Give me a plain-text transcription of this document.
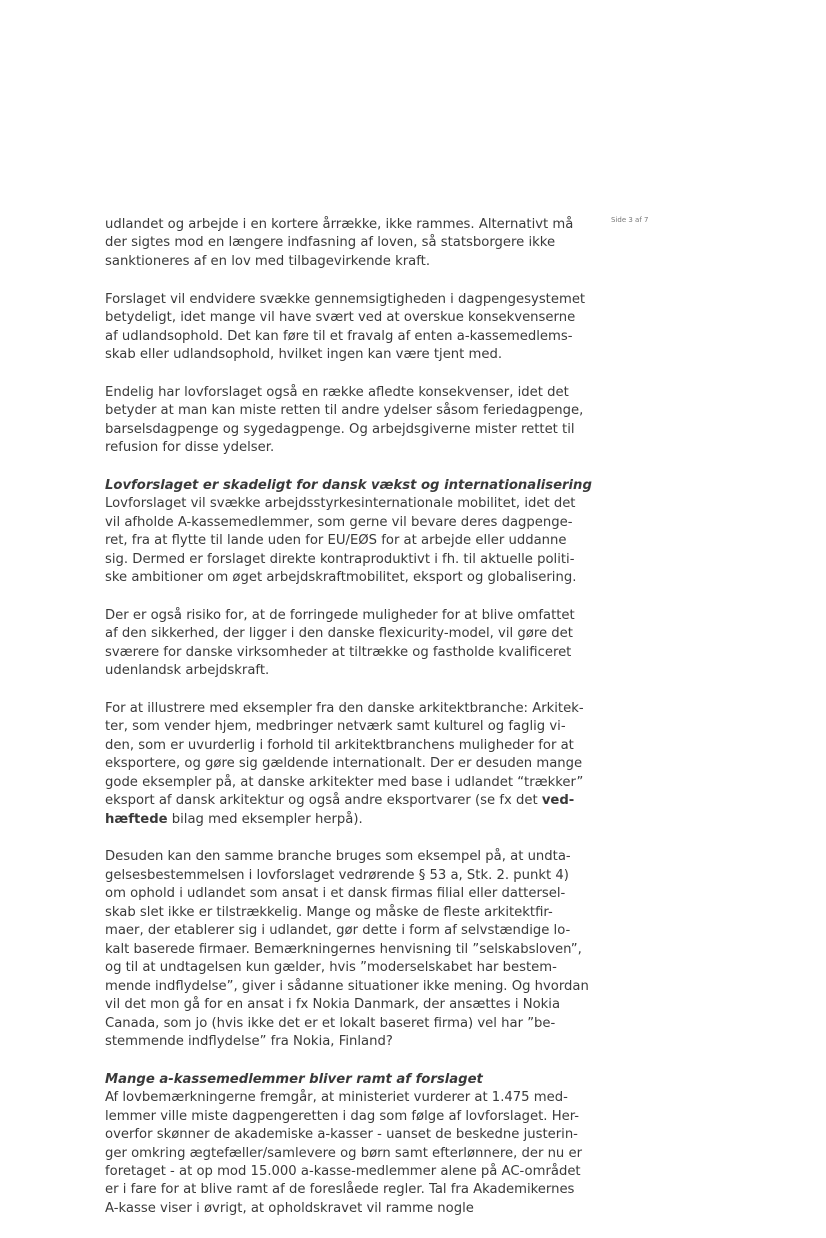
Side 3 af 7

udlandet og arbejde i en kortere årrække, ikke rammes. Alternativt må
der sigtes mod en længere indfasning af loven, så statsborgere ikke
sanktioneres af en lov med tilbagevirkende kraft.

Forslaget vil endvidere svække gennemsigtigheden i dagpengesystemet
betydeligt, idet mange vil have svært ved at overskue konsekvenserne
af udlandsophold. Det kan føre til et fravalg af enten a-kassemedlems-
skab eller udlandsophold, hvilket ingen kan være tjent med.

Endelig har lovforslaget også en række afledte konsekvenser, idet det
betyder at man kan miste retten til andre ydelser såsom feriedagpenge,
barselsdagpenge og sygedagpenge. Og arbejdsgiverne mister rettet til
refusion for disse ydelser.

Lovforslaget er skadeligt for dansk vækst og internationalisering
Lovforslaget vil svække arbejdsstyrkesinternationale mobilitet, idet det
vil afholde A-kassemedlemmer, som gerne vil bevare deres dagpenge-
ret, fra at flytte til lande uden for EU/EØS for at arbejde eller uddanne
sig. Dermed er forslaget direkte kontraproduktivt i fh. til aktuelle politi-
ske ambitioner om øget arbejdskraftmobilitet, eksport og globalisering.

Der er også risiko for, at de forringede muligheder for at blive omfattet
af den sikkerhed, der ligger i den danske flexicurity-model, vil gøre det
sværere for danske virksomheder at tiltrække og fastholde kvalificeret
udenlandsk arbejdskraft.

For at illustrere med eksempler fra den danske arkitektbranche: Arkitek-
ter, som vender hjem, medbringer netværk samt kulturel og faglig vi-
den, som er uvurderlig i forhold til arkitektbranchens muligheder for at
eksportere, og gøre sig gældende internationalt. Der er desuden mange
gode eksempler på, at danske arkitekter med base i udlandet “trækker”
eksport af dansk arkitektur og også andre eksportvarer (se fx det ved-
hæftede bilag med eksempler herpå).

Desuden kan den samme branche bruges som eksempel på, at undta-
gelsesbestemmelsen i lovforslaget vedrørende § 53 a, Stk. 2. punkt 4)
om ophold i udlandet som ansat i et dansk firmas filial eller dattersel-
skab slet ikke er tilstrækkelig. Mange og måske de fleste arkitektfir-
maer, der etablerer sig i udlandet, gør dette i form af selvstændige lo-
kalt baserede firmaer. Bemærkningernes henvisning til ”selskabsloven”,
og til at undtagelsen kun gælder, hvis ”moderselskabet har bestem-
mende indflydelse”, giver i sådanne situationer ikke mening. Og hvordan
vil det mon gå for en ansat i fx Nokia Danmark, der ansættes i Nokia
Canada, som jo (hvis ikke det er et lokalt baseret firma) vel har ”be-
stemmende indflydelse” fra Nokia, Finland?

Mange a-kassemedlemmer bliver ramt af forslaget
Af lovbemærkningerne fremgår, at ministeriet vurderer at 1.475 med-
lemmer ville miste dagpengeretten i dag som følge af lovforslaget. Her-
overfor skønner de akademiske a-kasser - uanset de beskedne justerin-
ger omkring ægtefæller/samlevere og børn samt efterlønnere, der nu er
foretaget - at op mod 15.000 a-kasse-medlemmer alene på AC-området
er i fare for at blive ramt af de foreslåede regler. Tal fra Akademikernes
A-kasse viser i øvrigt, at opholdskravet vil ramme nogle
